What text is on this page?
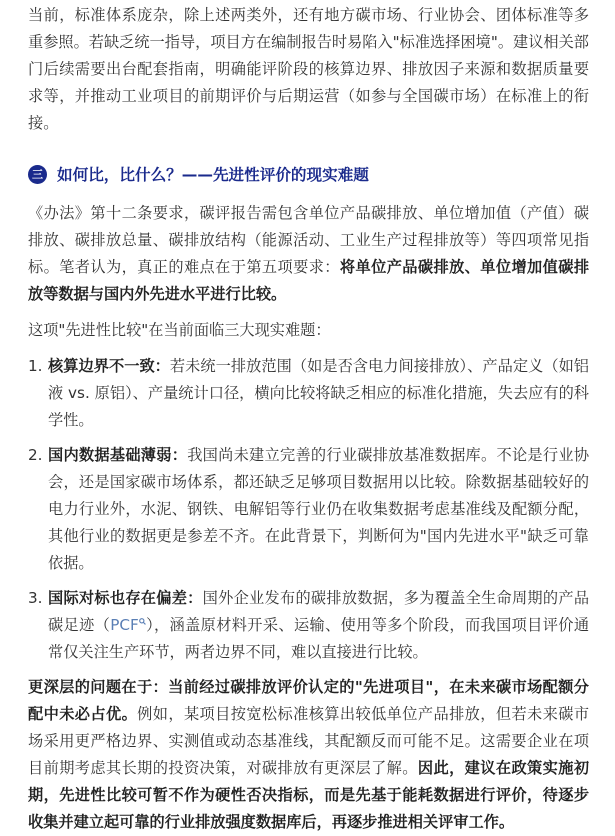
当前，标准体系庞杂，除上述两类外，还有地方碳市场、行业协会、团体标准等多重参照。若缺乏统一指导，项目方在编制报告时易陷入"标准选择困境"。建议相关部门后续需要出台配套指南，明确能评阶段的核算边界、排放因子来源和数据质量要求等，并推动工业项目的前期评价与后期运营（如参与全国碳市场）在标准上的衔接。

三 如何比，比什么？——先进性评价的现实难题

《办法》第十二条要求，碳评报告需包含单位产品碳排放、单位增加值（产值）碳排放、碳排放总量、碳排放结构（能源活动、工业生产过程排放等）等四项常见指标。笔者认为，真正的难点在于第五项要求：将单位产品碳排放、单位增加值碳排放等数据与国内外先进水平进行比较。

这项"先进性比较"在当前面临三大现实难题：

1. 核算边界不一致：若未统一排放范围（如是否含电力间接排放）、产品定义（如铝液 vs. 原铝）、产量统计口径，横向比较将缺乏相应的标准化措施，失去应有的科学性。
2. 国内数据基础薄弱：我国尚未建立完善的行业碳排放基准数据库。不论是行业协会，还是国家碳市场体系，都还缺乏足够项目数据用以比较。除数据基础较好的电力行业外，水泥、钢铁、电解铝等行业仍在收集数据考虑基准线及配额分配，其他行业的数据更是参差不齐。在此背景下，判断何为"国内先进水平"缺乏可靠依据。
3. 国际对标也存在偏差：国外企业发布的碳排放数据，多为覆盖全生命周期的产品碳足迹（PCF ），涵盖原材料开采、运输、使用等多个阶段，而我国项目评价通常仅关注生产环节，两者边界不同，难以直接进行比较。

更深层的问题在于：当前经过碳排放评价认定的"先进项目"，在未来碳市场配额分配中未必占优。例如，某项目按宽松标准核算出较低单位产品排放，但若未来碳市场采用更严格边界、实测值或动态基准线，其配额反而可能不足。这需要企业在项目前期考虑其长期的投资决策，对碳排放有更深层了解。因此，建议在政策实施初期，先进性比较可暂不作为硬性否决指标，而是先基于能耗数据进行评价，待逐步收集并建立起可靠的行业排放强度数据库后，再逐步推进相关评审工作。
